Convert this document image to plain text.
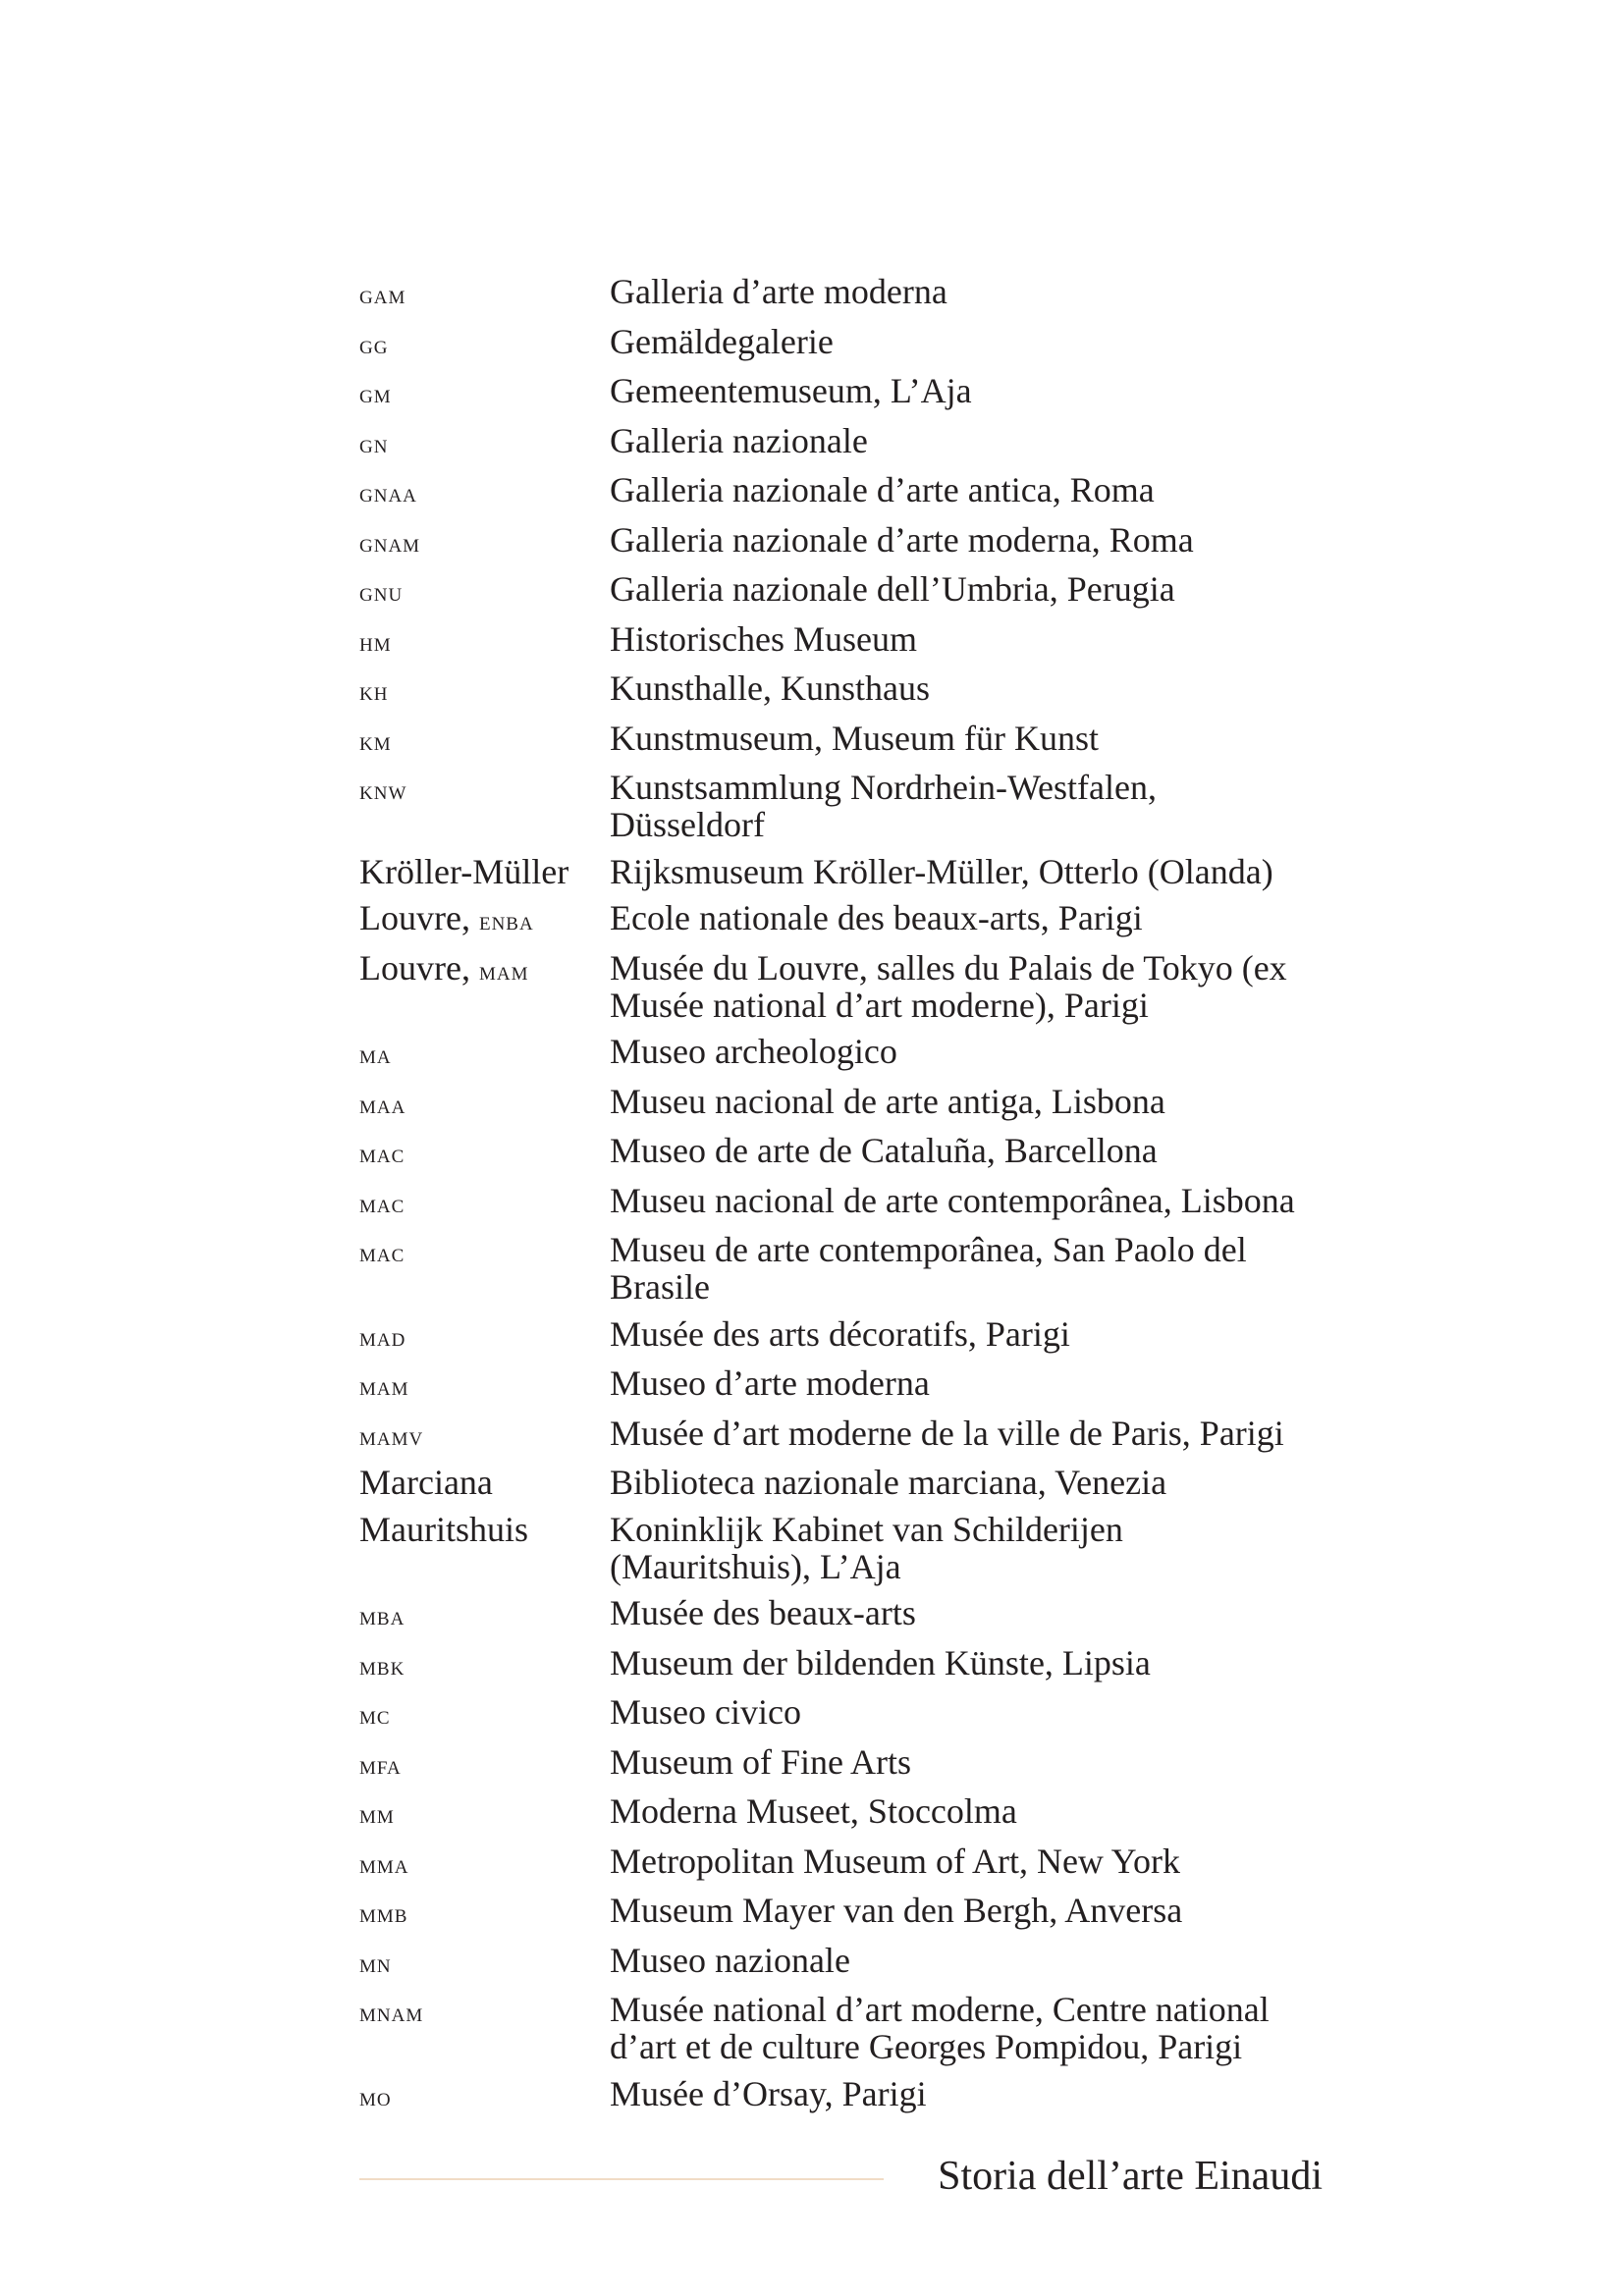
gam	Galleria d’arte moderna
gg	Gemäldegalerie
gm	Gemeentemuseum, L’Aja
gn	Galleria nazionale
gnaa	Galleria nazionale d’arte antica, Roma
gnam	Galleria nazionale d’arte moderna, Roma
gnu	Galleria nazionale dell’Umbria, Perugia
hm	Historisches Museum
kh	Kunsthalle, Kunsthaus
km	Kunstmuseum, Museum für Kunst
knw	Kunstsammlung Nordrhein-Westfalen,
Düsseldorf
Kröller-Müller	Rijksmuseum Kröller-Müller, Otterlo (Olanda)
Louvre, enba	Ecole nationale des beaux-arts, Parigi
Louvre, mam	Musée du Louvre, salles du Palais de Tokyo (ex
Musée national d’art moderne), Parigi
ma	Museo archeologico
maa	Museu nacional de arte antiga, Lisbona
mac	Museo de arte de Cataluña, Barcellona
mac	Museu nacional de arte contemporânea, Lisbona
mac	Museu de arte contemporânea, San Paolo del
Brasile
mad	Musée des arts décoratifs, Parigi
mam	Museo d’arte moderna
mamv	Musée d’art moderne de la ville de Paris, Parigi
Marciana	Biblioteca nazionale marciana, Venezia
Mauritshuis	Koninklijk Kabinet van Schilderijen
(Mauritshuis), L’Aja
mba	Musée des beaux-arts
mbk	Museum der bildenden Künste, Lipsia
mc	Museo civico
mfa	Museum of Fine Arts
mm	Moderna Museet, Stoccolma
mma	Metropolitan Museum of Art, New York
mmb	Museum Mayer van den Bergh, Anversa
mn	Museo nazionale
mnam	Musée national d’art moderne, Centre national
d’art et de culture Georges Pompidou, Parigi
mo	Musée d’Orsay, Parigi
Storia dell’arte Einaudi
